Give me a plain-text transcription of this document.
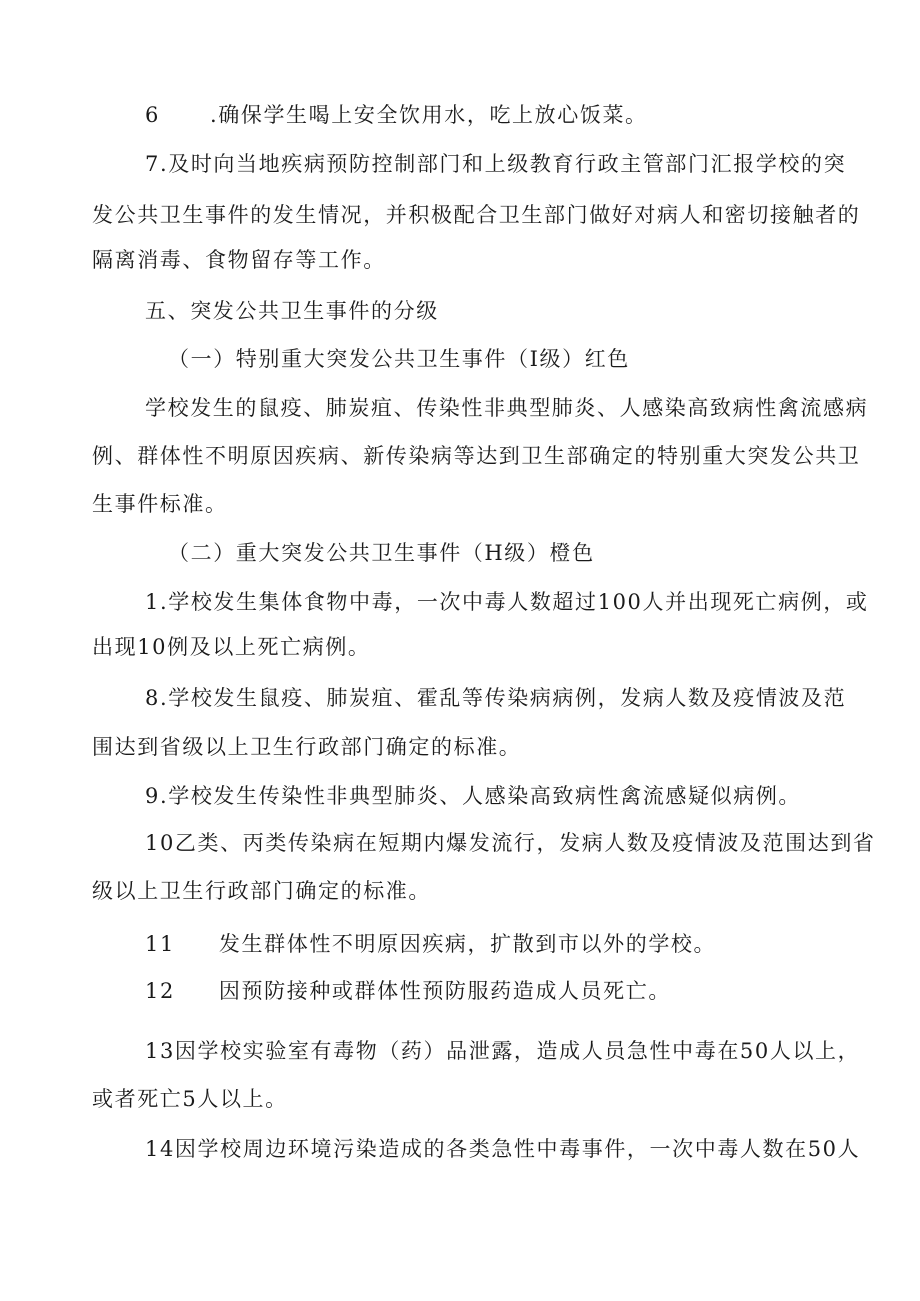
6 .确保学生喝上安全饮用水，吃上放心饭菜。
7.及时向当地疾病预防控制部门和上级教育行政主管部门汇报学校的突
发公共卫生事件的发生情况，并积极配合卫生部门做好对病人和密切接触者的
隔离消毒、食物留存等工作。
五、突发公共卫生事件的分级
（一）特别重大突发公共卫生事件（I级）红色
学校发生的鼠疫、肺炭疽、传染性非典型肺炎、人感染高致病性禽流感病
例、群体性不明原因疾病、新传染病等达到卫生部确定的特别重大突发公共卫
生事件标准。
（二）重大突发公共卫生事件（H级）橙色
1.学校发生集体食物中毒，一次中毒人数超过100人并出现死亡病例，或
出现10例及以上死亡病例。
8.学校发生鼠疫、肺炭疽、霍乱等传染病病例，发病人数及疫情波及范
围达到省级以上卫生行政部门确定的标准。
9.学校发生传染性非典型肺炎、人感染高致病性禽流感疑似病例。
10乙类、丙类传染病在短期内爆发流行，发病人数及疫情波及范围达到省
级以上卫生行政部门确定的标准。
11 发生群体性不明原因疾病，扩散到市以外的学校。
12 因预防接种或群体性预防服药造成人员死亡。
13因学校实验室有毒物（药）品泄露，造成人员急性中毒在50人以上，
或者死亡5人以上。
14因学校周边环境污染造成的各类急性中毒事件，一次中毒人数在50人
